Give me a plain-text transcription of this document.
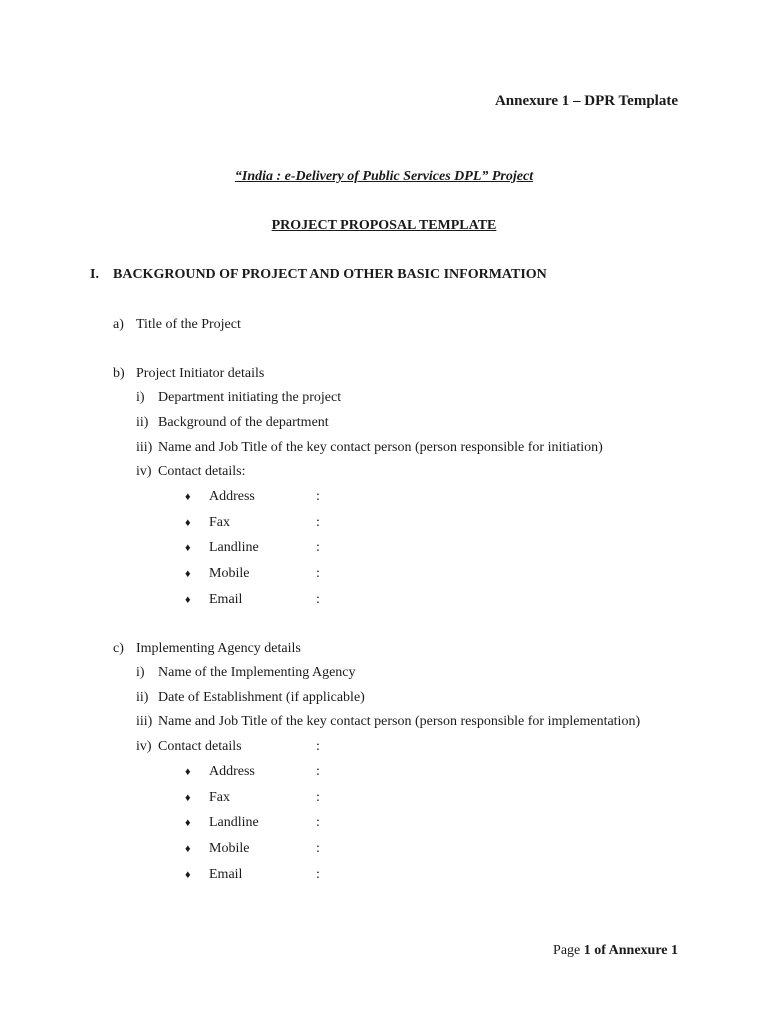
Annexure 1 – DPR Template
“India : e-Delivery of Public Services DPL” Project
PROJECT PROPOSAL TEMPLATE
I. BACKGROUND OF PROJECT AND OTHER BASIC INFORMATION
a) Title of the Project
b) Project Initiator details
i) Department initiating the project
ii) Background of the department
iii) Name and Job Title of the key contact person (person responsible for initiation)
iv) Contact details:
♦ Address	:
♦ Fax	:
♦ Landline	:
♦ Mobile	:
♦ Email	:
c) Implementing Agency details
i) Name of the Implementing Agency
ii) Date of Establishment (if applicable)
iii) Name and Job Title of the key contact person (person responsible for implementation)
iv) Contact details	:
♦ Address	:
♦ Fax	:
♦ Landline	:
♦ Mobile	:
♦ Email	:
Page 1 of Annexure 1
